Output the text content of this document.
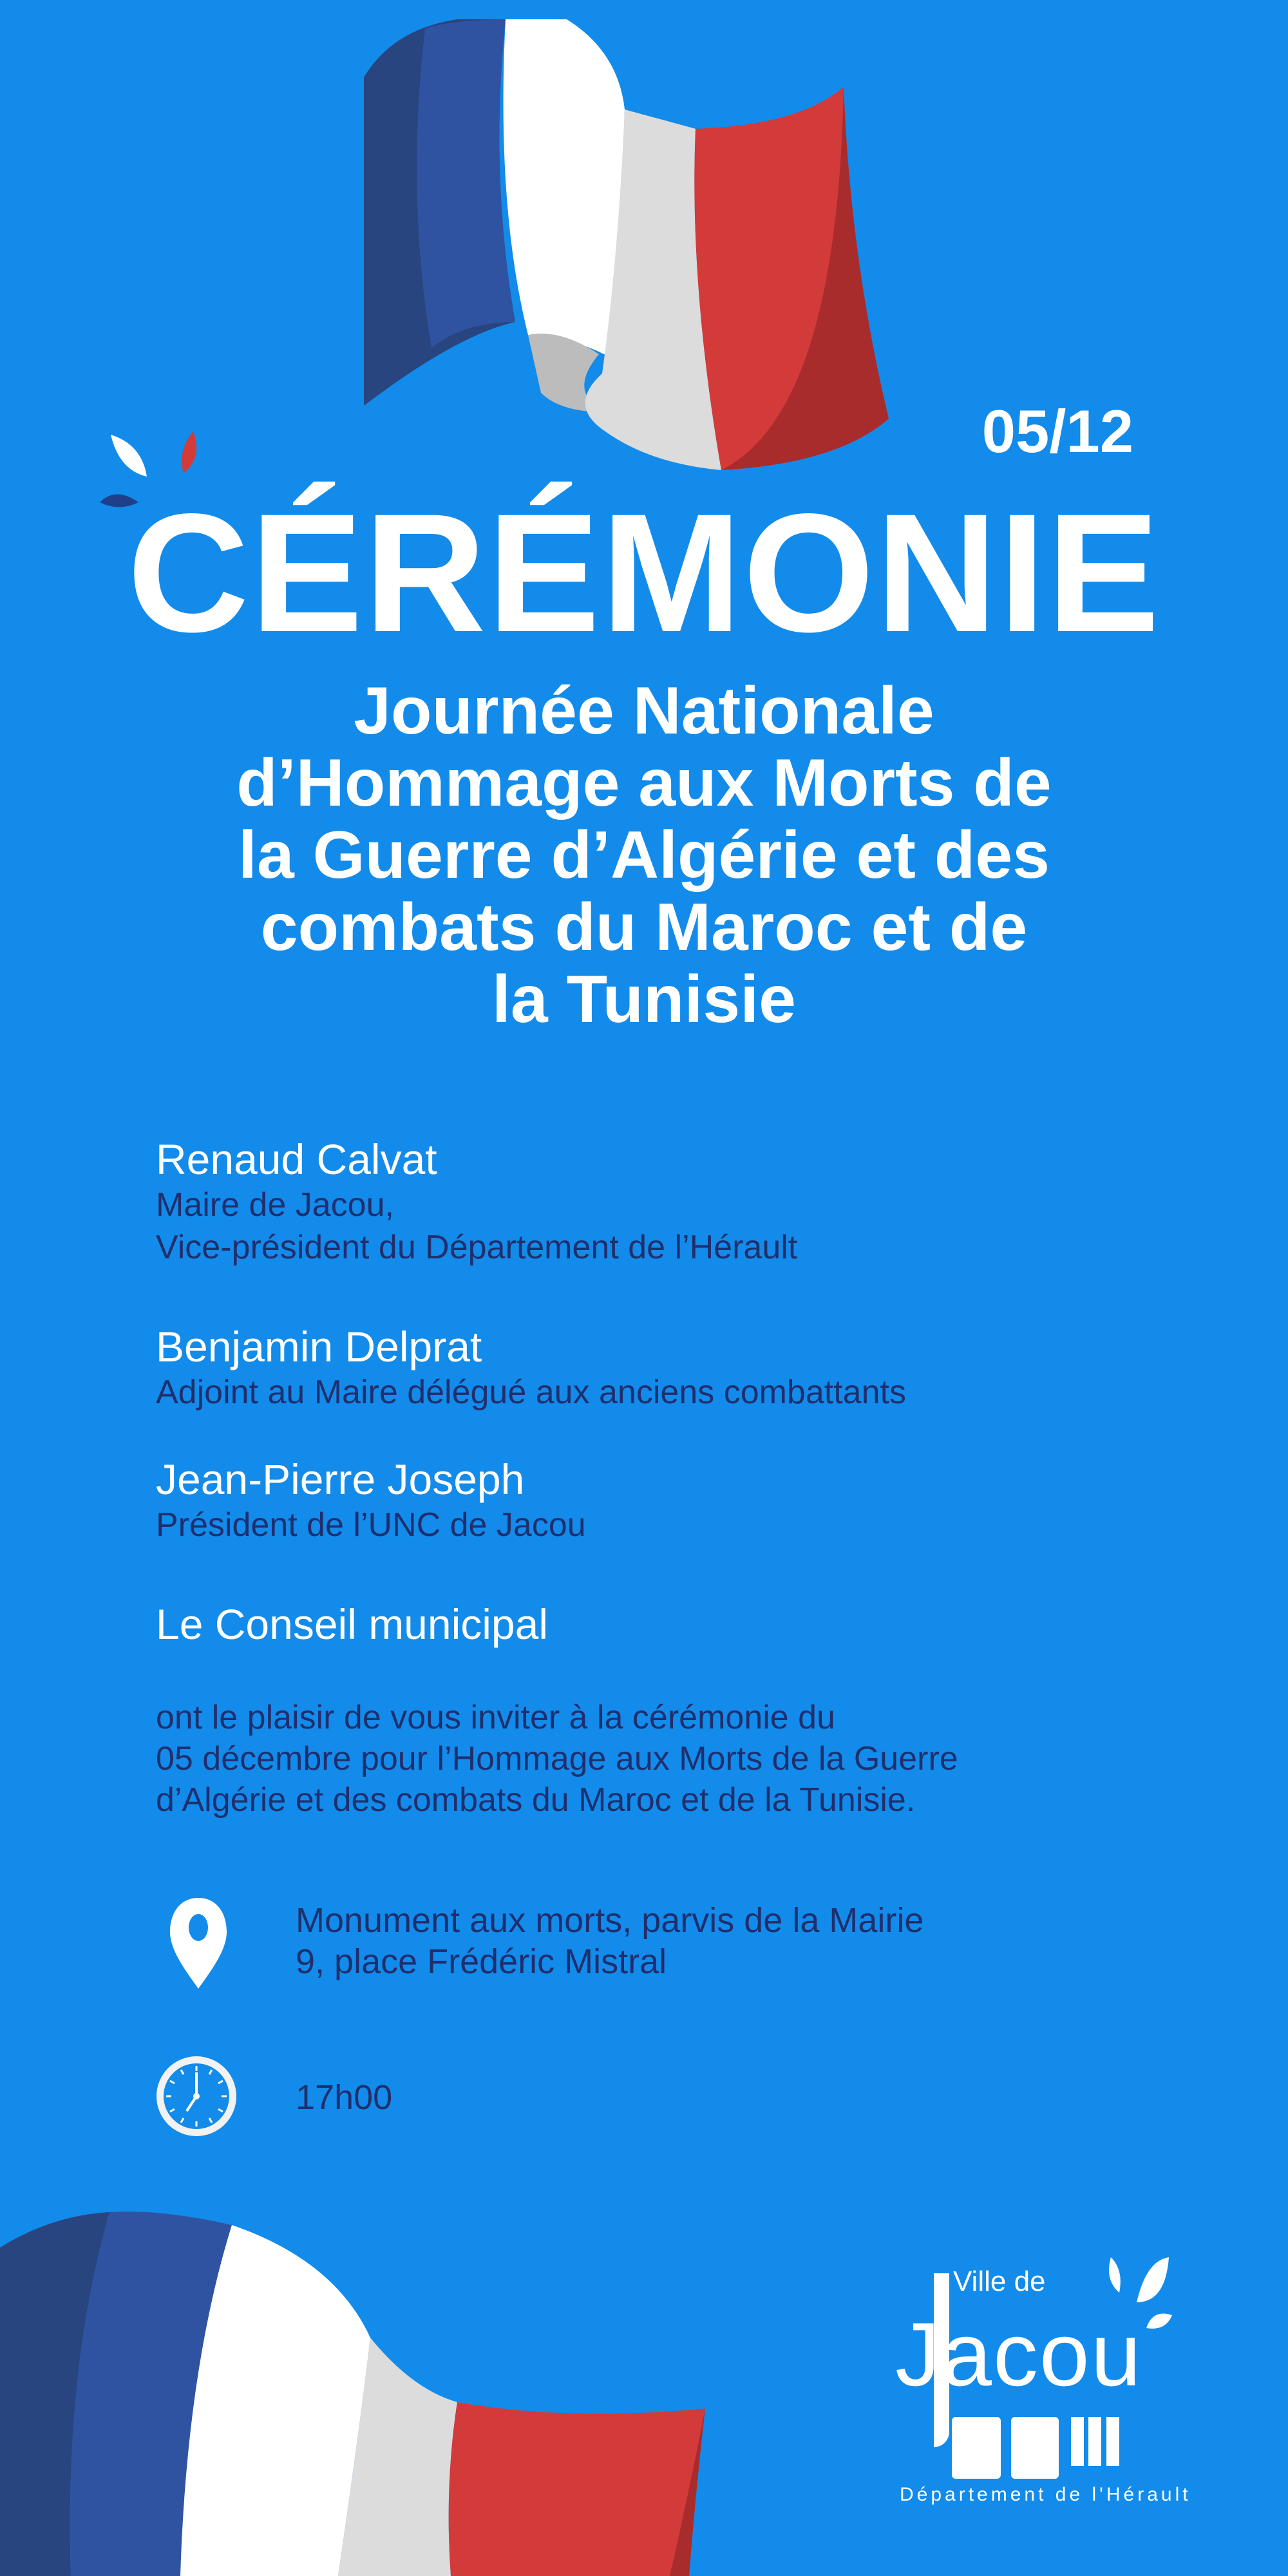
05/12
CÉRÉMONIE
Journée Nationale
d’Hommage aux Morts de
la Guerre d’Algérie et des
combats du Maroc et de
la Tunisie
Renaud Calvat
Maire de Jacou,
Vice-président du Département de l’Hérault
Benjamin Delprat
Adjoint au Maire délégué aux anciens combattants
Jean-Pierre Joseph
Président de l’UNC de Jacou
Le Conseil municipal
ont le plaisir de vous inviter à la cérémonie du
05 décembre pour l’Hommage aux Morts de la Guerre
d’Algérie et des combats du Maroc et de la Tunisie.
Monument aux morts, parvis de la Mairie
9, place Frédéric Mistral
17h00
Ville de
Jacou
Département de l'Hérault
